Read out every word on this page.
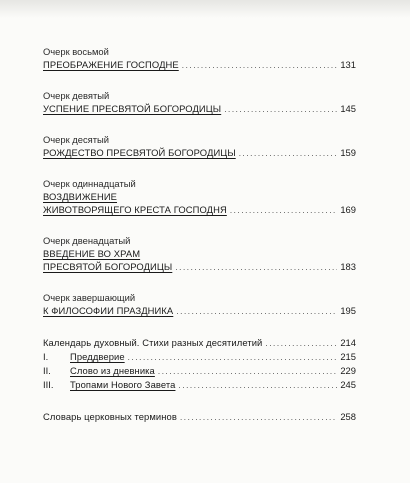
Очерк восьмой
ПРЕОБРАЖЕНИЕ ГОСПОДНЕ .....	131
Очерк девятый
УСПЕНИЕ ПРЕСВЯТОЙ БОГОРОДИЦЫ .....	145
Очерк десятый
РОЖДЕСТВО ПРЕСВЯТОЙ БОГОРОДИЦЫ .....	159
Очерк одиннадцатый
ВОЗДВИЖЕНИЕ
ЖИВОТВОРЯЩЕГО КРЕСТА ГОСПОДНЯ .....	169
Очерк двенадцатый
ВВЕДЕНИЕ ВО ХРАМ
ПРЕСВЯТОЙ БОГОРОДИЦЫ .....	183
Очерк завершающий
К ФИЛОСОФИИ ПРАЗДНИКА .....	195
Календарь духовный. Стихи разных десятилетий .....	214
I.	Преддверие .....	215
II.	Слово из дневника .....	229
III.	Тропами Нового Завета .....	245
Словарь церковных терминов .....	258
